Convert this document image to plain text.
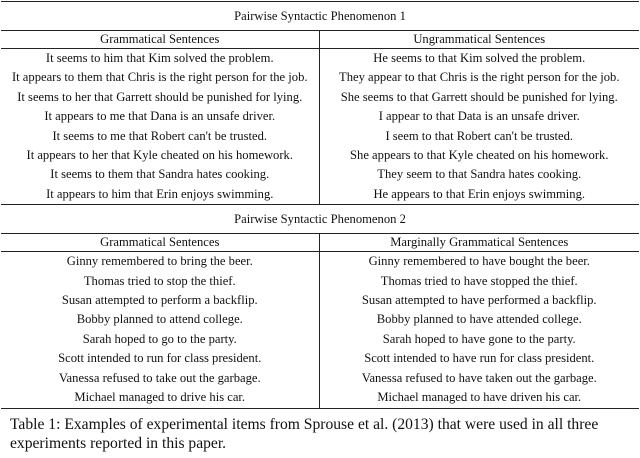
Pairwise Syntactic Phenomenon 1	
Grammatical Sentences	Ungrammatical Sentences
It seems to him that Kim solved the problem.	He seems to that Kim solved the problem.
It appears to them that Chris is the right person for the job.	They appear to that Chris is the right person for the job.
It seems to her that Garrett should be punished for lying.	She seems to that Garrett should be punished for lying.
It appears to me that Dana is an unsafe driver.	I appear to that Data is an unsafe driver.
It seems to me that Robert can't be trusted.	I seem to that Robert can't be trusted.
It appears to her that Kyle cheated on his homework.	She appears to that Kyle cheated on his homework.
It seems to them that Sandra hates cooking.	They seem to that Sandra hates cooking.
It appears to him that Erin enjoys swimming.	He appears to that Erin enjoys swimming.
Pairwise Syntactic Phenomenon 2	
Grammatical Sentences	Marginally Grammatical Sentences
Ginny remembered to bring the beer.	Ginny remembered to have bought the beer.
Thomas tried to stop the thief.	Thomas tried to have stopped the thief.
Susan attempted to perform a backflip.	Susan attempted to have performed a backflip.
Bobby planned to attend college.	Bobby planned to have attended college.
Sarah hoped to go to the party.	Sarah hoped to have gone to the party.
Scott intended to run for class president.	Scott intended to have run for class president.
Vanessa refused to take out the garbage.	Vanessa refused to have taken out the garbage.
Michael managed to drive his car.	Michael managed to have driven his car.
Table 1: Examples of experimental items from Sprouse et al. (2013) that were used in all three experiments reported in this paper.
